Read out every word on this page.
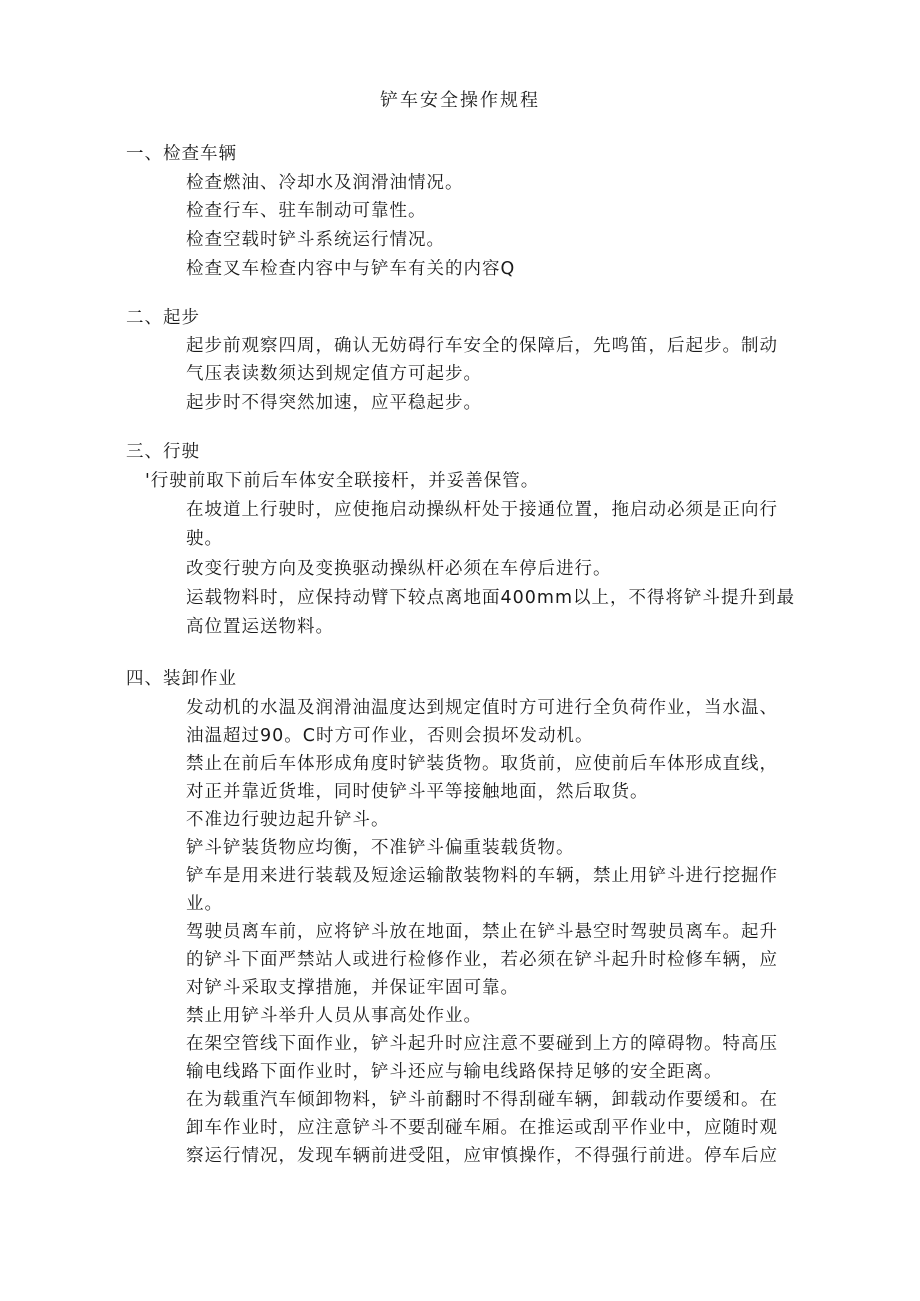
铲车安全操作规程
一、检查车辆
检查燃油、冷却水及润滑油情况。
检查行车、驻车制动可靠性。
检查空载时铲斗系统运行情况。
检查叉车检查内容中与铲车有关的内容Q
二、起步
起步前观察四周，确认无妨碍行车安全的保障后，先鸣笛，后起步。制动
气压表读数须达到规定值方可起步。
起步时不得突然加速，应平稳起步。
三、行驶
'行驶前取下前后车体安全联接杆，并妥善保管。
在坡道上行驶时，应使拖启动操纵杆处于接通位置，拖启动必须是正向行
驶。
改变行驶方向及变换驱动操纵杆必须在车停后进行。
运载物料时，应保持动臂下较点离地面400mm以上，不得将铲斗提升到最
高位置运送物料。
四、装卸作业
发动机的水温及润滑油温度达到规定值时方可进行全负荷作业，当水温、
油温超过90。C时方可作业，否则会损坏发动机。
禁止在前后车体形成角度时铲装货物。取货前，应使前后车体形成直线，
对正并靠近货堆，同时使铲斗平等接触地面，然后取货。
不准边行驶边起升铲斗。
铲斗铲装货物应均衡，不准铲斗偏重装载货物。
铲车是用来进行装载及短途运输散装物料的车辆，禁止用铲斗进行挖掘作
业。
驾驶员离车前，应将铲斗放在地面，禁止在铲斗悬空时驾驶员离车。起升
的铲斗下面严禁站人或进行检修作业，若必须在铲斗起升时检修车辆，应
对铲斗采取支撑措施，并保证牢固可靠。
禁止用铲斗举升人员从事高处作业。
在架空管线下面作业，铲斗起升时应注意不要碰到上方的障碍物。特高压
输电线路下面作业时，铲斗还应与输电线路保持足够的安全距离。
在为载重汽车倾卸物料，铲斗前翻时不得刮碰车辆，卸载动作要缓和。在
卸车作业时，应注意铲斗不要刮碰车厢。在推运或刮平作业中，应随时观
察运行情况，发现车辆前进受阻，应审慎操作，不得强行前进。停车后应
